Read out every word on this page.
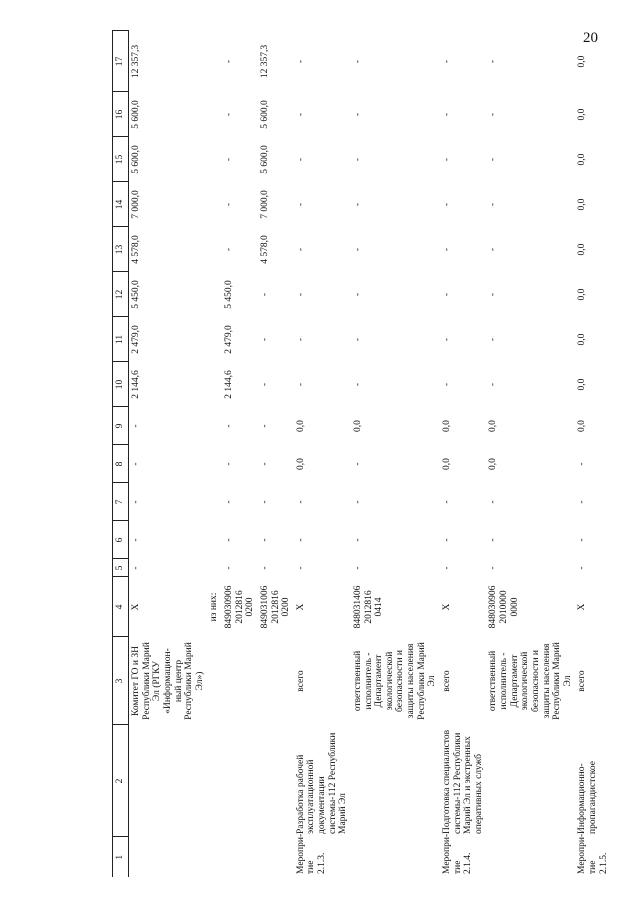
20
1	2	3	4	5	6	7	8	9	10	11	12	13	14	15	16	17
		Комитет ГО и ЗН Республики Марий Эл (РГКУ «Информацион-ный центр Республики Марий Эл»)	X	-	-	-	-	-	2 144,6	2 479,0	5 450,0	4 578,0	7 000,0	5 600,0	5 600,0	12 357,3
			из них:													
			849030906 2012816 0200	-	-	-	-	-	2 144,6	2 479,0	5 450,0	-	-	-	-	-
			849031006 2012816 0200	-	-	-	-	-	-	-	-	4 578,0	7 000,0	5 600,0	5 600,0	12 357,3
Меропри-тие 2.1.3.	Разработка рабочей эксплуатационной документации системы-112 Республики Марий Эл	всего	X	-	-	-	0,0	0,0	-	-	-	-	-	-	-	-
		ответственный исполнитель - Департамент экологической безопасности и защиты населения Республики Марий Эл	848031406 2012816 0414	-	-	-	-	0,0	-	-	-	-	-	-	-	-
Меропри-тие 2.1.4.	Подготовка специалистов системы-112 Республики Марий Эл и экстренных оперативных служб	всего	X	-	-	-	0,0	0,0	-	-	-	-	-	-	-	-
		ответственный исполнитель - Департамент экологической безопасности и защиты населения Республики Марий Эл	848030906 2010000 0000	-	-	-	0,0	0,0	-	-	-	-	-	-	-	-
Меропри-тие 2.1.5.	Информационно-пропагандистское	всего	X	-	-	-	-	0,0	0,0	0,0	0,0	0,0	0,0	0,0	0,0	0,0
